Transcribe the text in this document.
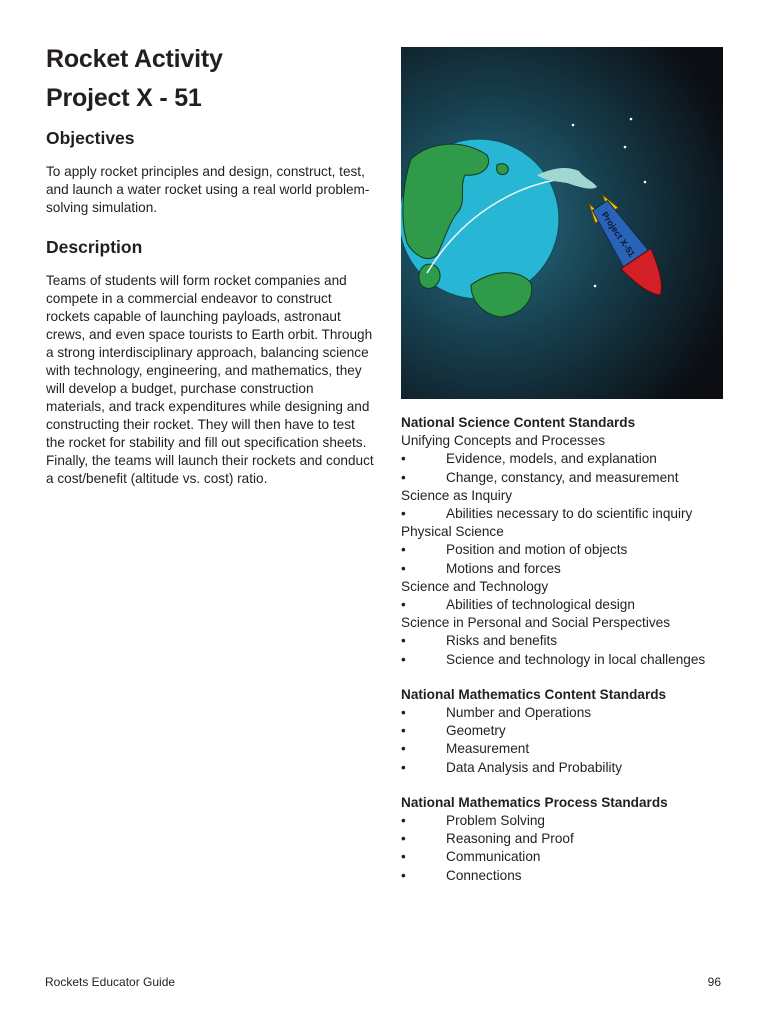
Rocket Activity
Project X - 51
Objectives

To apply rocket principles and design, construct, test, and launch a water rocket using a real world problem-solving simulation.

Description

Teams of students will form rocket companies and compete in a commercial endeavor to construct rockets capable of launching payloads, astronaut crews, and even space tourists to Earth orbit. Through a strong interdisciplinary approach, balancing science with technology, engineering, and mathematics, they will develop a budget, purchase construction materials, and track expenditures while designing and constructing their rocket. They will then have to test the rocket for stability and fill out specification sheets. Finally, the teams will launch their rockets and conduct a cost/benefit (altitude vs. cost) ratio.

Project X-51
National Science Content Standards
Unifying Concepts and Processes
•	Evidence, models, and explanation
•	Change, constancy, and measurement
Science as Inquiry
•	Abilities necessary to do scientific inquiry
Physical Science
•	Position and motion of objects
•	Motions and forces
Science and Technology
•	Abilities of technological design
Science in Personal and Social Perspectives
•	Risks and benefits
•	Science and technology in local challenges
National Mathematics Content Standards
•	Number and Operations
•	Geometry
•	Measurement
•	Data Analysis and Probability
National Mathematics Process Standards
•	Problem Solving
•	Reasoning and Proof
•	Communication
•	Connections
Rockets Educator Guide	96
